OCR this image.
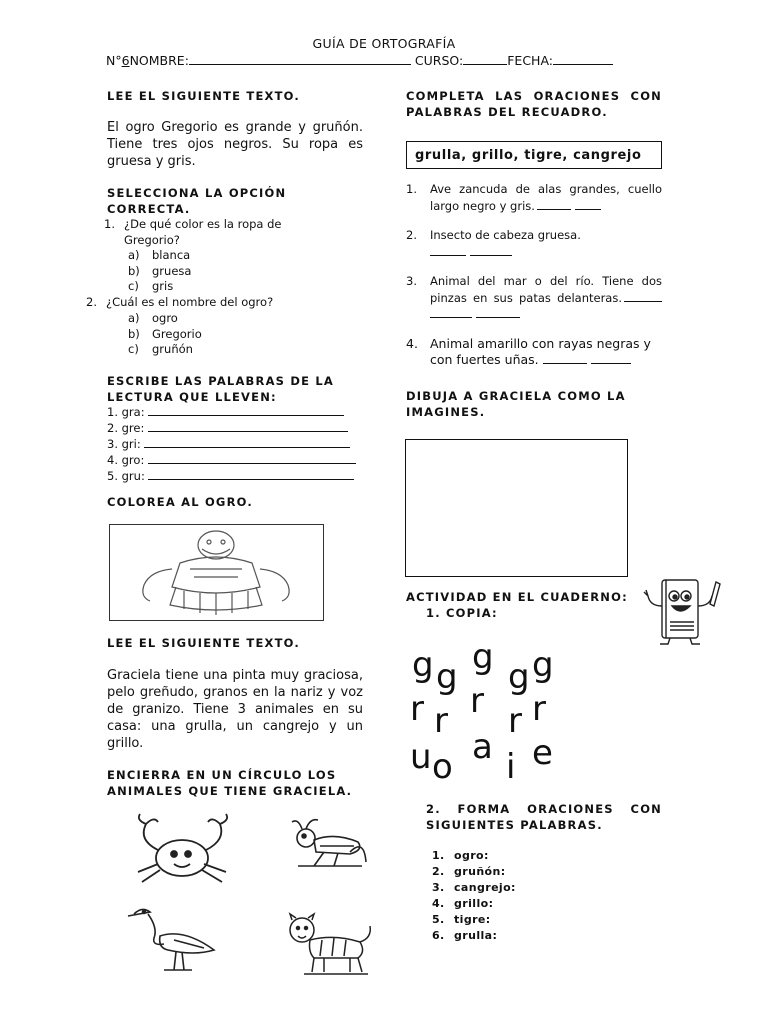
GUÍA DE ORTOGRAFÍA
N°6NOMBRE:	CURSO:	FECHA:
LEE EL SIGUIENTE TEXTO.
El ogro Gregorio es grande y gruñón. Tiene tres ojos negros. Su ropa es gruesa y gris.
SELECCIONA LA OPCIÓN CORRECTA.
1. ¿De qué color es la ropa de Gregorio?
a) blanca
b) gruesa
c) gris
2. ¿Cuál es el nombre del ogro?
a) ogro
b) Gregorio
c) gruñón
ESCRIBE LAS PALABRAS DE LA LECTURA QUE LLEVEN:
1. gra:
2. gre:
3. gri:
4. gro:
5. gru:
COLOREA AL OGRO.
LEE EL SIGUIENTE TEXTO.
Graciela tiene una pinta muy graciosa, pelo greñudo, granos en la nariz y voz de granizo. Tiene 3 animales en su casa: una grulla, un cangrejo y un grillo.
ENCIERRA EN UN CÍRCULO LOS ANIMALES QUE TIENE GRACIELA.
COMPLETA LAS ORACIONES CON PALABRAS DEL RECUADRO.
grulla, grillo, tigre, cangrejo
1. Ave zancuda de alas grandes, cuello largo negro y gris.
2. Insecto de cabeza gruesa.

3. Animal del mar o del río. Tiene dos pinzas en sus patas delanteras.
4. Animal amarillo con rayas negras y con fuertes uñas.
DIBUJA A GRACIELA COMO LA IMAGINES.
ACTIVIDAD EN EL CUADERNO:
1. COPIA:
g g g g g
r r r r r
u o a i e
2. FORMA ORACIONES CON SIGUIENTES PALABRAS.
1. ogro:
2. gruñón:
3. cangrejo:
4. grillo:
5. tigre:
6. grulla:
